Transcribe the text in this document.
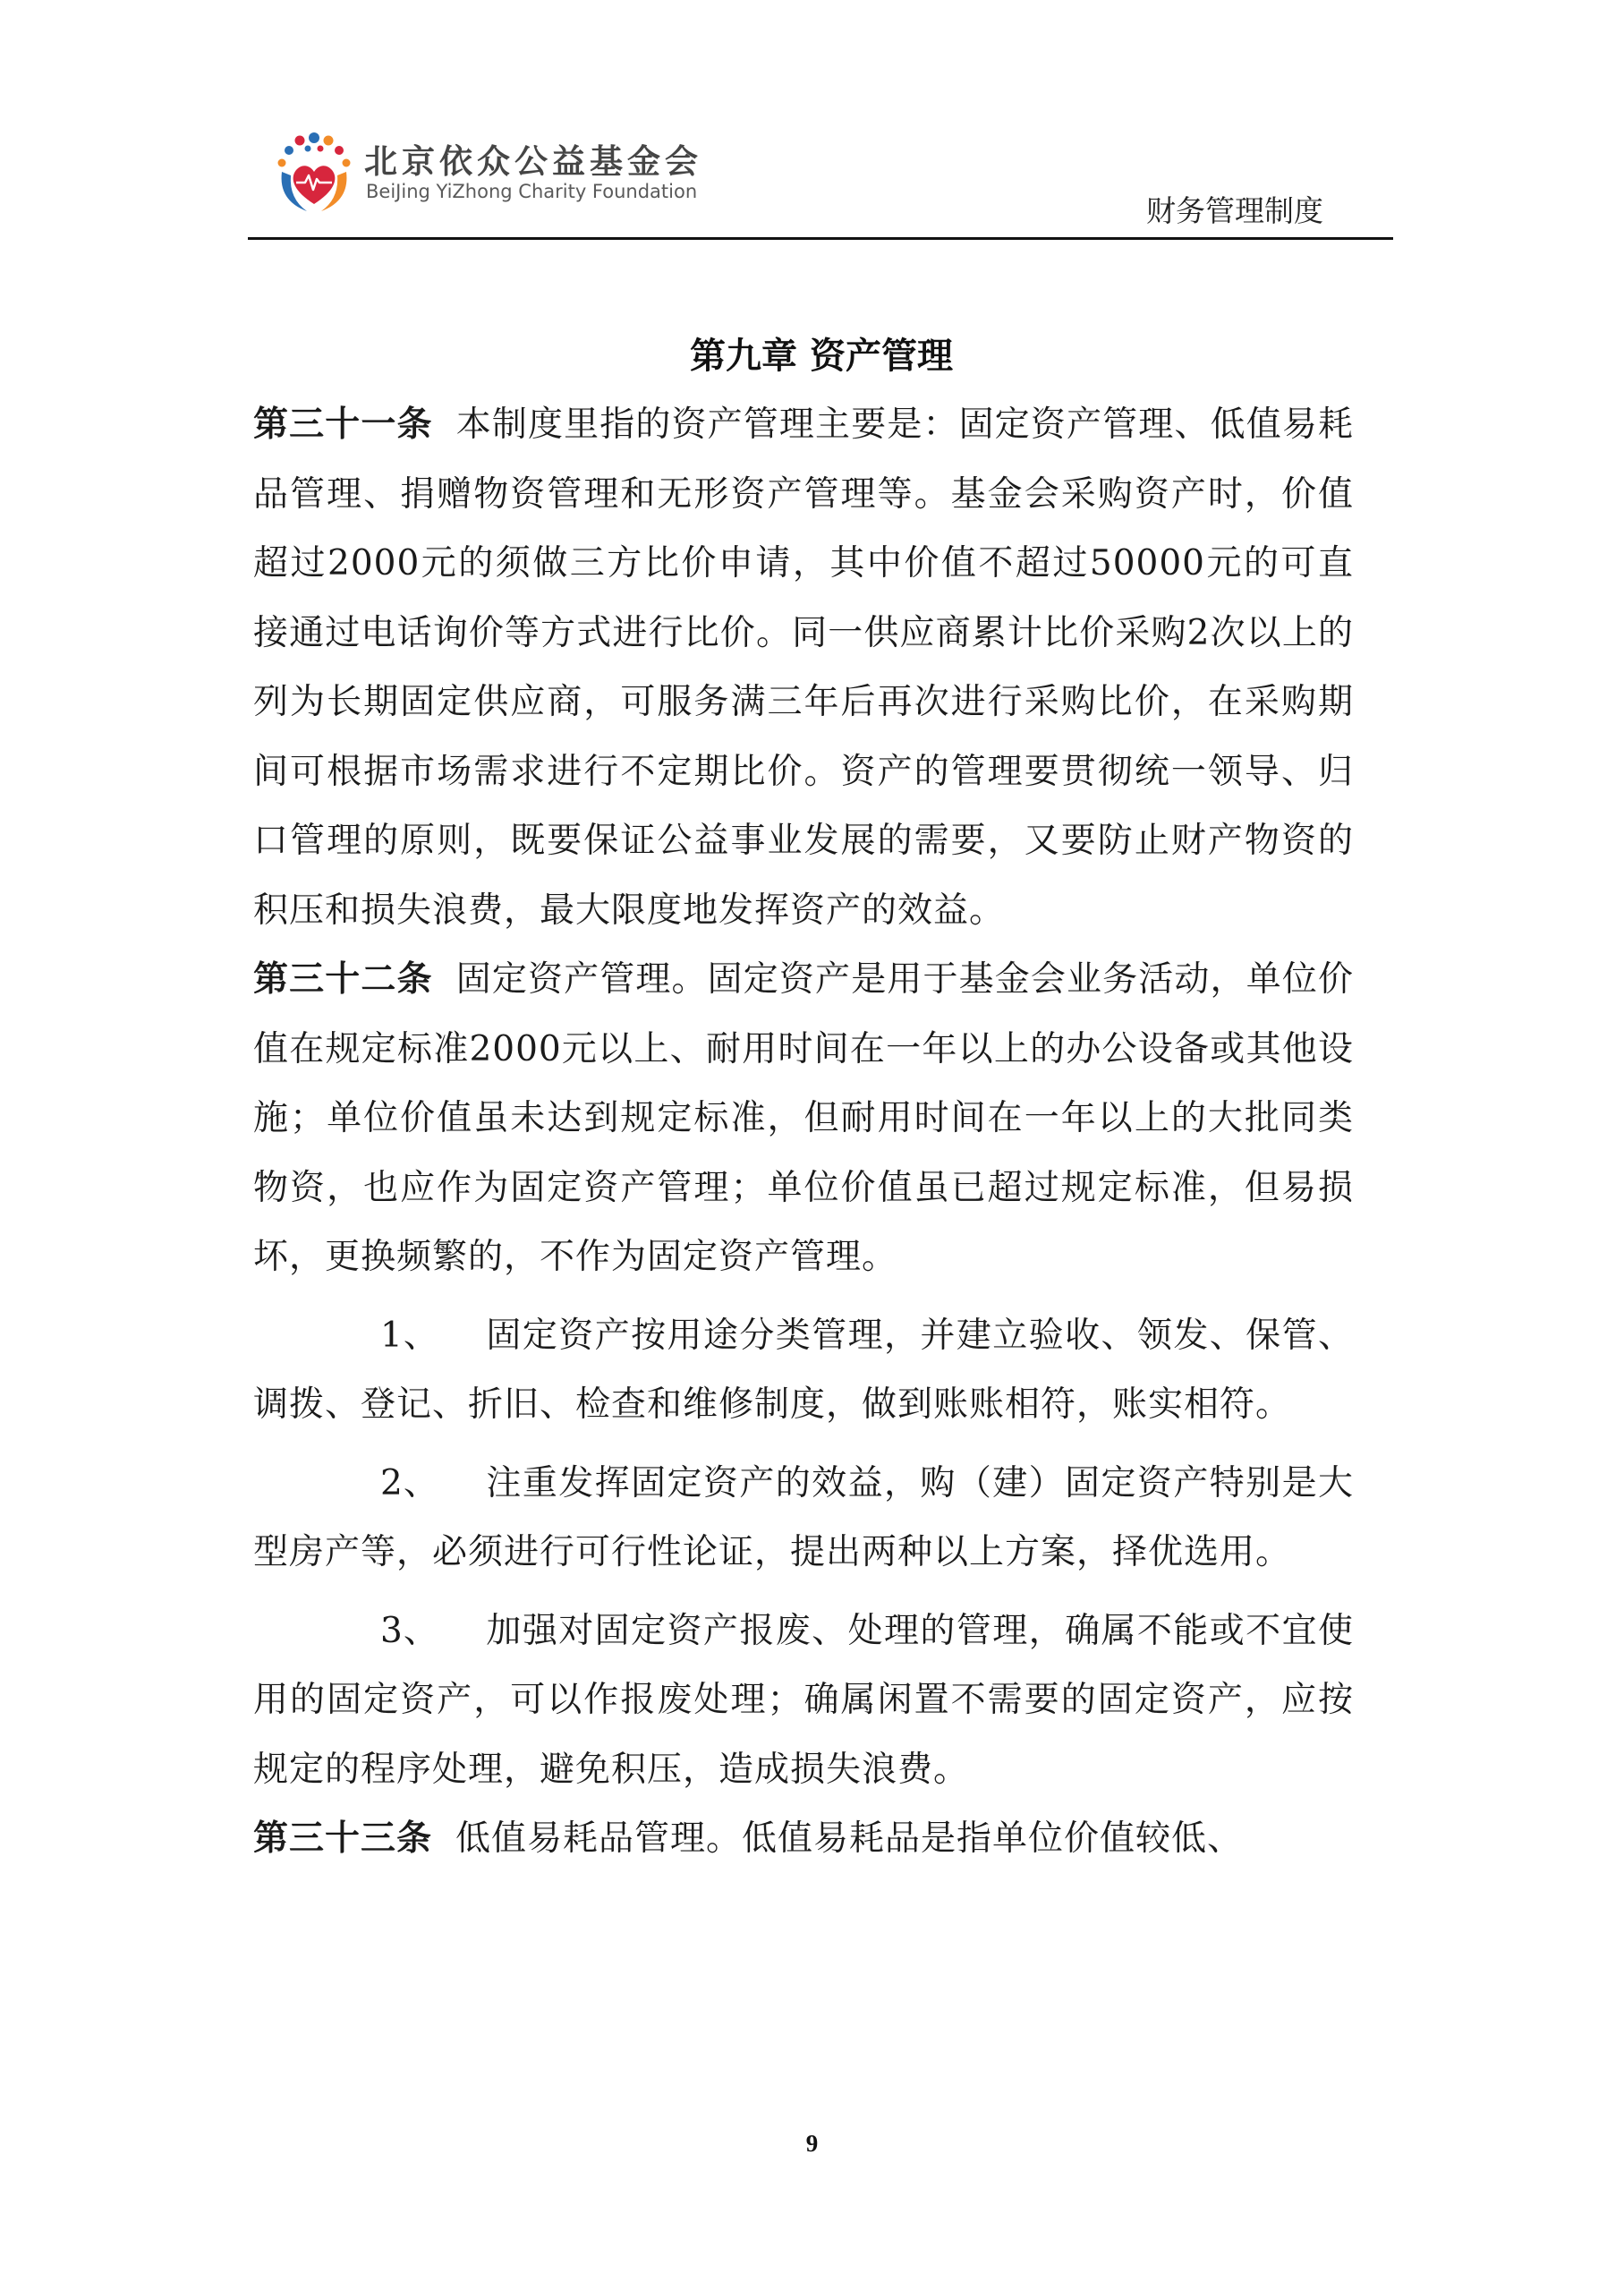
北京依众公益基金会
BeiJing YiZhong Charity Foundation
财务管理制度
第九章 资产管理

第三十一条 本制度里指的资产管理主要是：固定资产管理、低值易耗品管理、捐赠物资管理和无形资产管理等。基金会采购资产时，价值超过2000元的须做三方比价申请，其中价值不超过50000元的可直接通过电话询价等方式进行比价。同一供应商累计比价采购2次以上的列为长期固定供应商，可服务满三年后再次进行采购比价，在采购期间可根据市场需求进行不定期比价。资产的管理要贯彻统一领导、归口管理的原则，既要保证公益事业发展的需要，又要防止财产物资的积压和损失浪费，最大限度地发挥资产的效益。

第三十二条 固定资产管理。固定资产是用于基金会业务活动，单位价值在规定标准2000元以上、耐用时间在一年以上的办公设备或其他设施；单位价值虽未达到规定标准，但耐用时间在一年以上的大批同类物资，也应作为固定资产管理；单位价值虽已超过规定标准，但易损坏，更换频繁的，不作为固定资产管理。

1、 固定资产按用途分类管理，并建立验收、领发、保管、调拨、登记、折旧、检查和维修制度，做到账账相符，账实相符。

2、 注重发挥固定资产的效益，购（建）固定资产特别是大型房产等，必须进行可行性论证，提出两种以上方案，择优选用。

3、 加强对固定资产报废、处理的管理，确属不能或不宜使用的固定资产，可以作报废处理；确属闲置不需要的固定资产，应按规定的程序处理，避免积压，造成损失浪费。

第三十三条 低值易耗品管理。低值易耗品是指单位价值较低、

9
